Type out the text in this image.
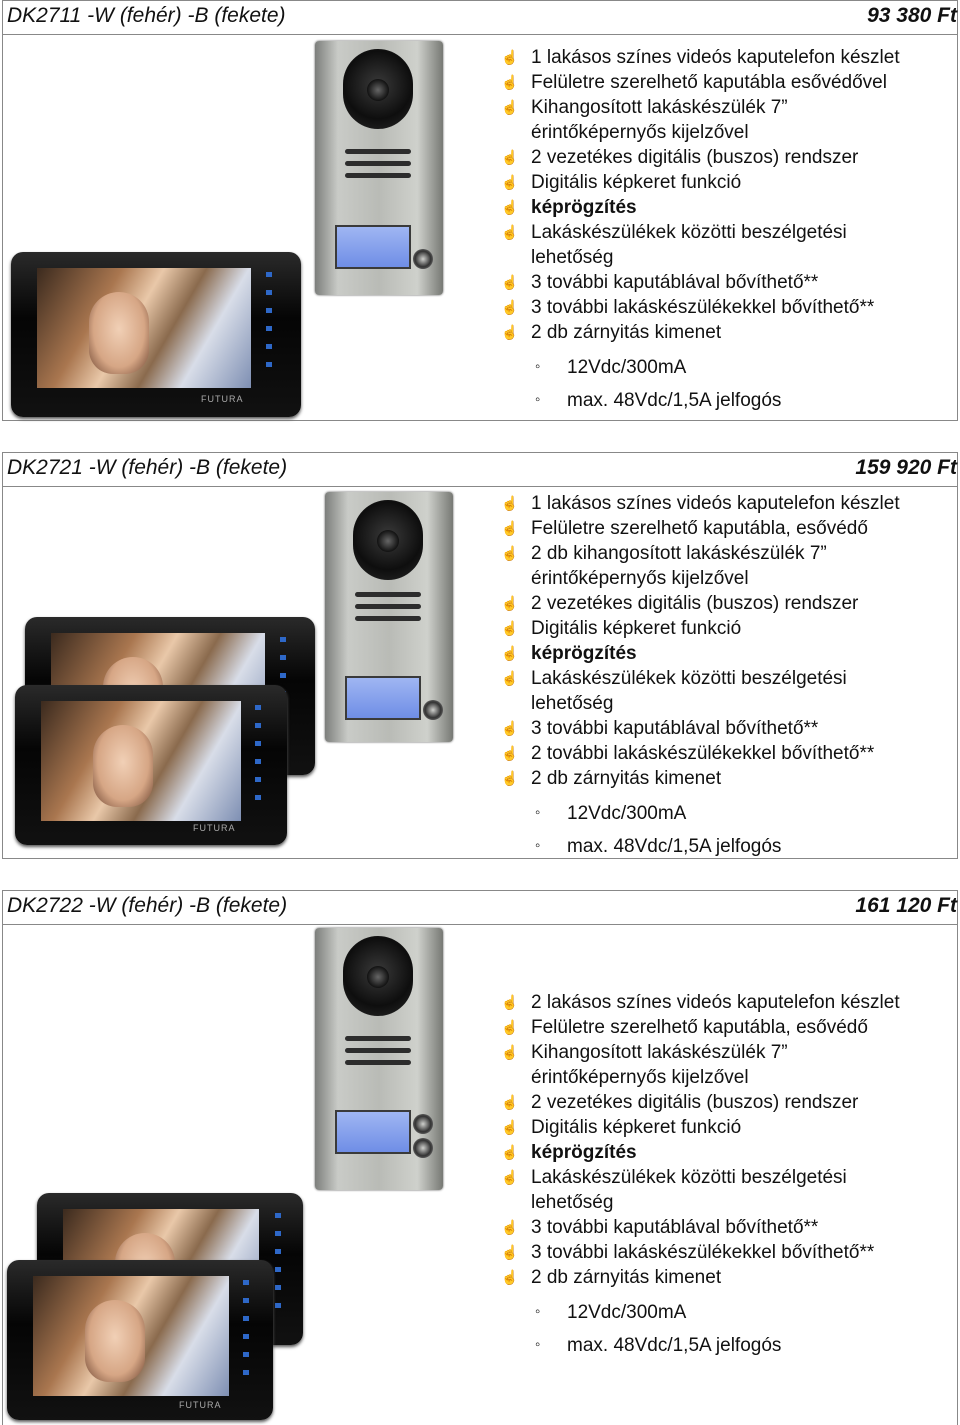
DK2711 -W (fehér) -B (fekete)	93 380 Ft
FUTURA
☝ 1 lakásos színes videós kaputelefon készlet
☝ Felületre szerelhető kaputábla esővédővel
☝ Kihangosított lakáskészülék 7”
érintőképernyős kijelzővel
☝ 2 vezetékes digitális (buszos) rendszer
☝ Digitális képkeret funkció
☝ képrögzítés
☝ Lakáskészülékek közötti beszélgetési
lehetőség
☝ 3 további kaputáblával bővíthető**
☝ 3 további lakáskészülékekkel bővíthető**
☝ 2 db zárnyitás kimenet
◦ 12Vdc/300mA
◦ max. 48Vdc/1,5A jelfogós
DK2721 -W (fehér) -B (fekete)	159 920 Ft
FUTURA
☝ 1 lakásos színes videós kaputelefon készlet
☝ Felületre szerelhető kaputábla, esővédő
☝ 2 db kihangosított lakáskészülék 7”
érintőképernyős kijelzővel
☝ 2 vezetékes digitális (buszos) rendszer
☝ Digitális képkeret funkció
☝ képrögzítés
☝ Lakáskészülékek közötti beszélgetési
lehetőség
☝ 3 további kaputáblával bővíthető**
☝ 2 további lakáskészülékekkel bővíthető**
☝ 2 db zárnyitás kimenet
◦ 12Vdc/300mA
◦ max. 48Vdc/1,5A jelfogós
DK2722 -W (fehér) -B (fekete)	161 120 Ft
FUTURA
☝ 2 lakásos színes videós kaputelefon készlet
☝ Felületre szerelhető kaputábla, esővédő
☝ Kihangosított lakáskészülék 7”
érintőképernyős kijelzővel
☝ 2 vezetékes digitális (buszos) rendszer
☝ Digitális képkeret funkció
☝ képrögzítés
☝ Lakáskészülékek közötti beszélgetési
lehetőség
☝ 3 további kaputáblával bővíthető**
☝ 3 további lakáskészülékekkel bővíthető**
☝ 2 db zárnyitás kimenet
◦ 12Vdc/300mA
◦ max. 48Vdc/1,5A jelfogós
